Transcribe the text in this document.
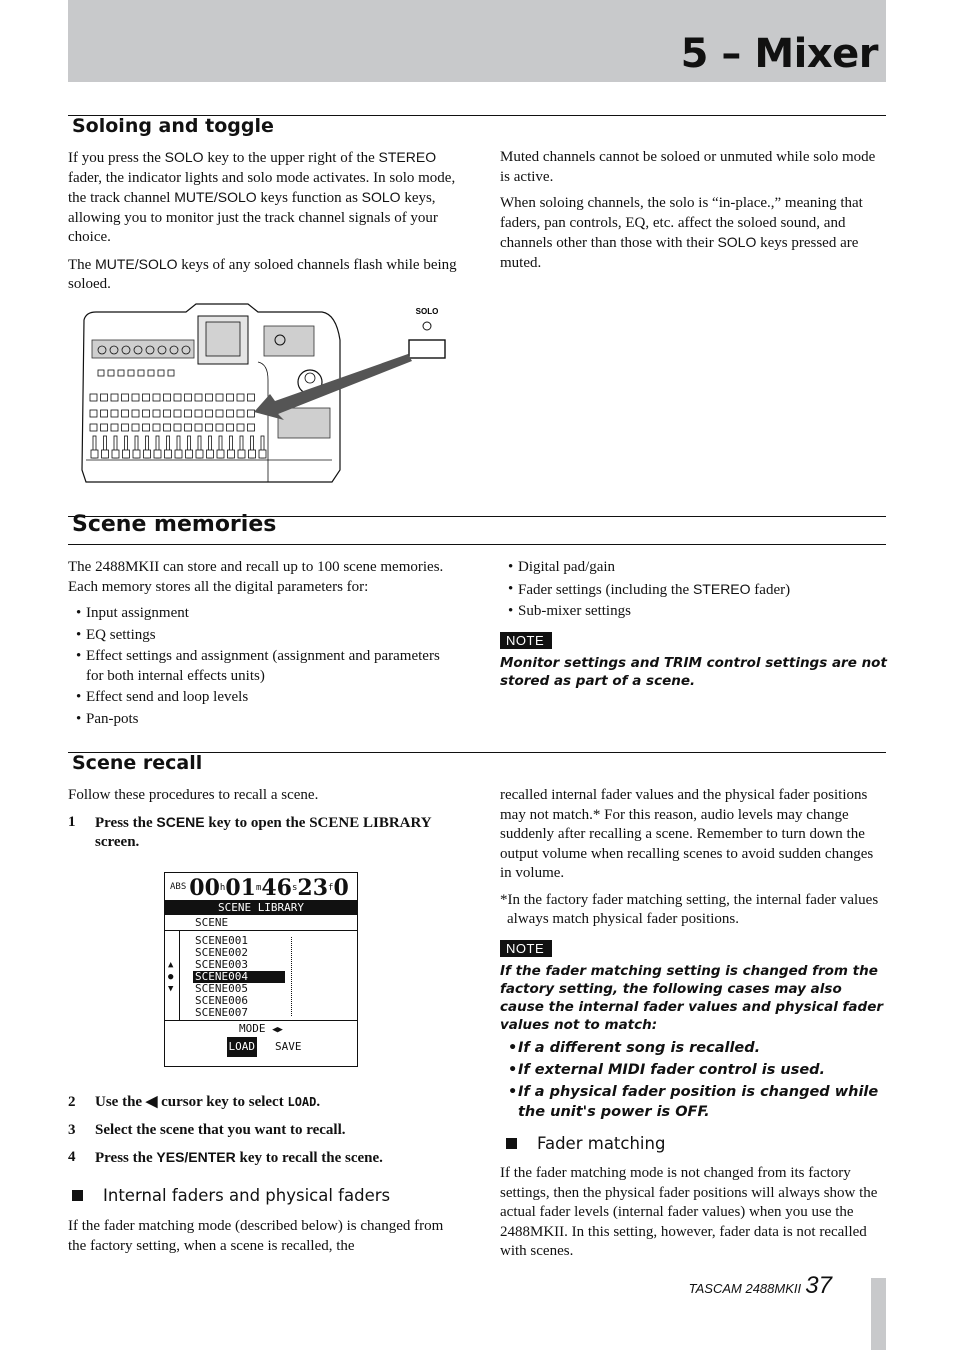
5 – Mixer
Soloing and toggle

If you press the SOLO key to the upper right of the STEREO fader, the indicator lights and solo mode activates. In solo mode, the track channel MUTE/SOLO keys function as SOLO keys, allowing you to monitor just the track channel signals of your choice.

The MUTE/SOLO keys of any soloed channels flash while being soloed.

Muted channels cannot be soloed or unmuted while solo mode is active.

When soloing channels, the solo is “in-place.,” meaning that faders, pan controls, EQ, etc. affect the soloed sound, and channels other than those with their SOLO keys pressed are muted.

SOLO
Scene memories

The 2488MKII can store and recall up to 100 scene memories. Each memory stores all the digital parameters for:

• Input assignment
• EQ settings
• Effect settings and assignment (assignment and parameters for both internal effects units)
• Effect send and loop levels
• Pan-pots
• Digital pad/gain
• Fader settings (including the STEREO fader)
• Sub-mixer settings
NOTE
Monitor settings and TRIM control settings are not stored as part of a scene.
Scene recall

Follow these procedures to recall a scene.

1	Press the SCENE key to open the SCENE LIBRARY screen.
ABS 00 h 01 m 46 s 23 f 0
SCENE LIBRARY
SCENE
▲
●
▼
SCENE001
SCENE002
SCENE003
SCENE004
SCENE005
SCENE006
SCENE007
MODE ◀▶
LOAD SAVE
2	Use the ◀ cursor key to select LOAD.
3	Select the scene that you want to recall.
4	Press the YES/ENTER key to recall the scene.
Internal faders and physical faders
If the fader matching mode (described below) is changed from the factory setting, when a scene is recalled, the

recalled internal fader values and the physical fader positions may not match.* For this reason, audio levels may change suddenly after recalling a scene. Remember to turn down the output volume when recalling scenes to avoid sudden changes in volume.

*In the factory fader matching setting, the internal fader values always match physical fader positions.

NOTE
If the fader matching setting is changed from the factory setting, the following cases may also cause the internal fader values and physical fader values not to match:
• If a different song is recalled.
• If external MIDI fader control is used.
• If a physical fader position is changed while the unit's power is OFF.
Fader matching
If the fader matching mode is not changed from its factory settings, then the physical fader positions will always show the actual fader levels (internal fader values) when you use the 2488MKII. In this setting, however, fader data is not recalled with scenes.
TASCAM 2488MKII 37
